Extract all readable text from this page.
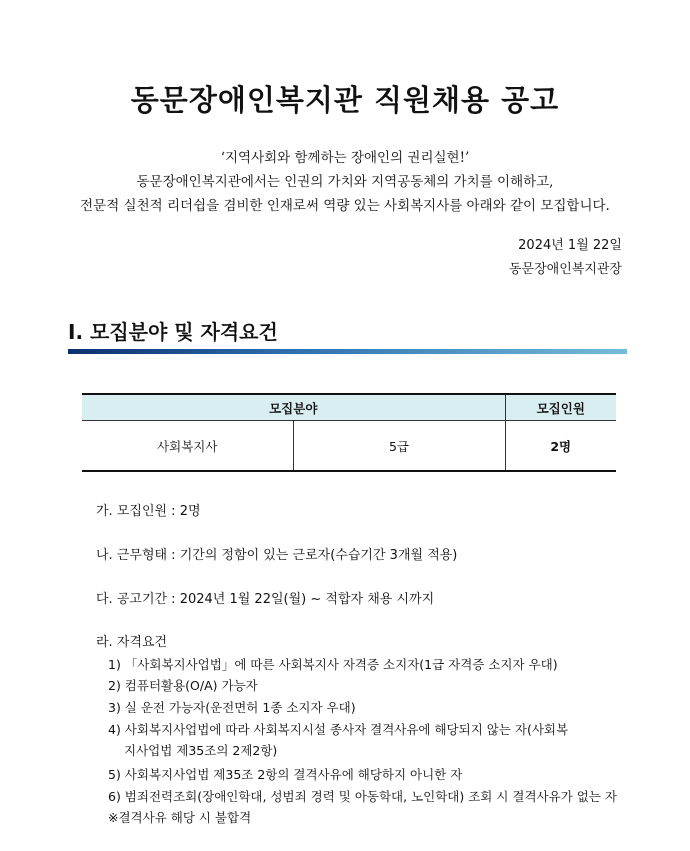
동문장애인복지관 직원채용 공고
‘지역사회와 함께하는 장애인의 권리실현!’
동문장애인복지관에서는 인권의 가치와 지역공동체의 가치를 이해하고,
전문적 실천적 리더쉽을 겸비한 인재로써 역량 있는 사회복지사를 아래와 같이 모집합니다.
2024년 1월 22일
동문장애인복지관장
Ⅰ. 모집분야 및 자격요건
모집분야		모집인원
사회복지사	5급	2명
가. 모집인원 : 2명
나. 근무형태 : 기간의 정함이 있는 근로자(수습기간 3개월 적용)
다. 공고기간 : 2024년 1월 22일(월) ~ 적합자 채용 시까지
라. 자격요건
1) 「사회복지사업법」에 따른 사회복지사 자격증 소지자(1급 자격증 소지자 우대)
2) 컴퓨터활용(O/A) 가능자
3) 실 운전 가능자(운전면허 1종 소지자 우대)
4) 사회복지사업법에 따라 사회복지시설 종사자 결격사유에 해당되지 않는 자(사회복
지사업법 제35조의 2제2항)
5) 사회복지사업법 제35조 2항의 결격사유에 해당하지 아니한 자
6) 범죄전력조회(장애인학대, 성범죄 경력 및 아동학대, 노인학대) 조회 시 결격사유가 없는 자
※결격사유 해당 시 불합격
